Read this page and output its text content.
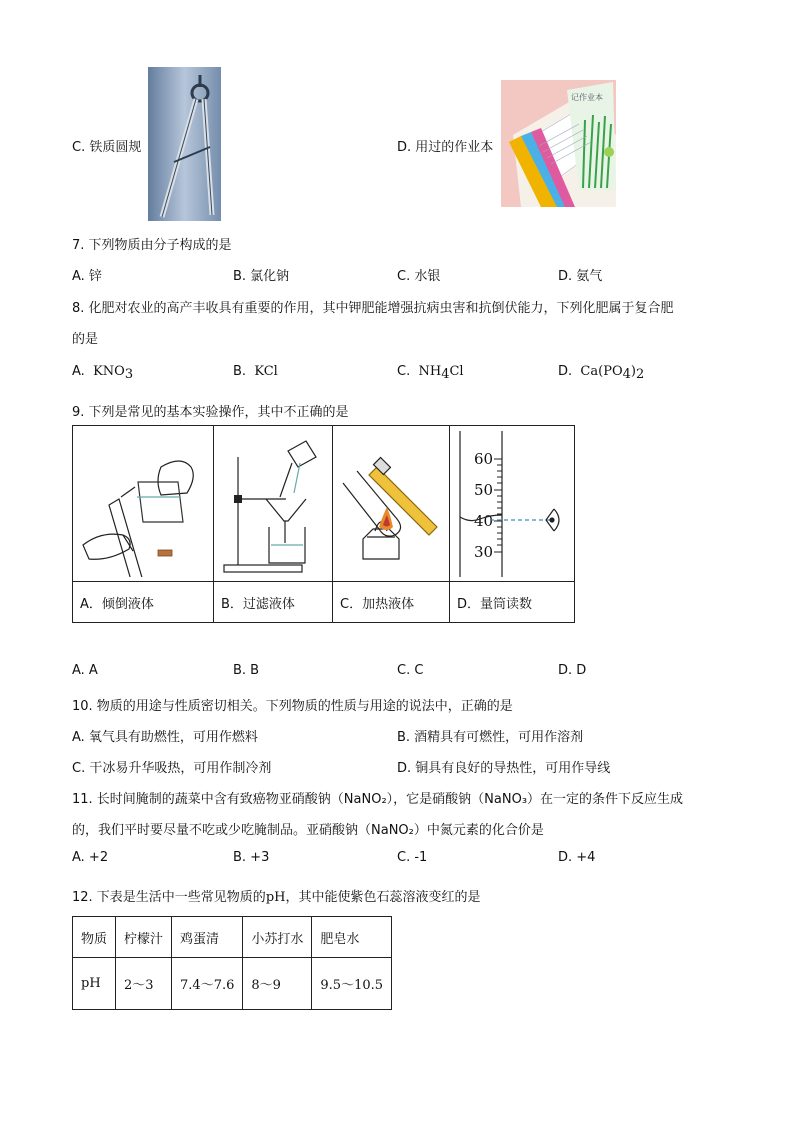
C. 铁质圆规
记作业本
D. 用过的作业本
7. 下列物质由分子构成的是
A. 锌	B. 氯化钠	C. 水银	D. 氨气
8. 化肥对农业的高产丰收具有重要的作用，其中钾肥能增强抗病虫害和抗倒伏能力，下列化肥属于复合肥
的是
A. $KNO_3$	B. KCl	C. $NH_4Cl$	D. $Ca(PO_4)_2$
9. 下列是常见的基本实验操作，其中不正确的是

60
50
40
30

A．倾倒液体	B．过滤液体	C．加热液体	D．量筒读数
A. A	B. B	C. C	D. D
10. 物质的用途与性质密切相关。下列物质的性质与用途的说法中，正确的是
A. 氧气具有助燃性，可用作燃料	B. 酒精具有可燃性，可用作溶剂
C. 干冰易升华吸热，可用作制冷剂	D. 铜具有良好的导热性，可用作导线
11. 长时间腌制的蔬菜中含有致癌物亚硝酸钠（NaNO₂），它是硝酸钠（NaNO₃）在一定的条件下反应生成
的，我们平时要尽量不吃或少吃腌制品。亚硝酸钠（NaNO₂）中氮元素的化合价是
A. +2	B. +3	C. -1	D. +4
12. 下表是生活中一些常见物质的pH，其中能使紫色石蕊溶液变红的是
物质	柠檬汁	鸡蛋清	小苏打水	肥皂水
pH	2～3	7.4～7.6	8～9	9.5～10.5
